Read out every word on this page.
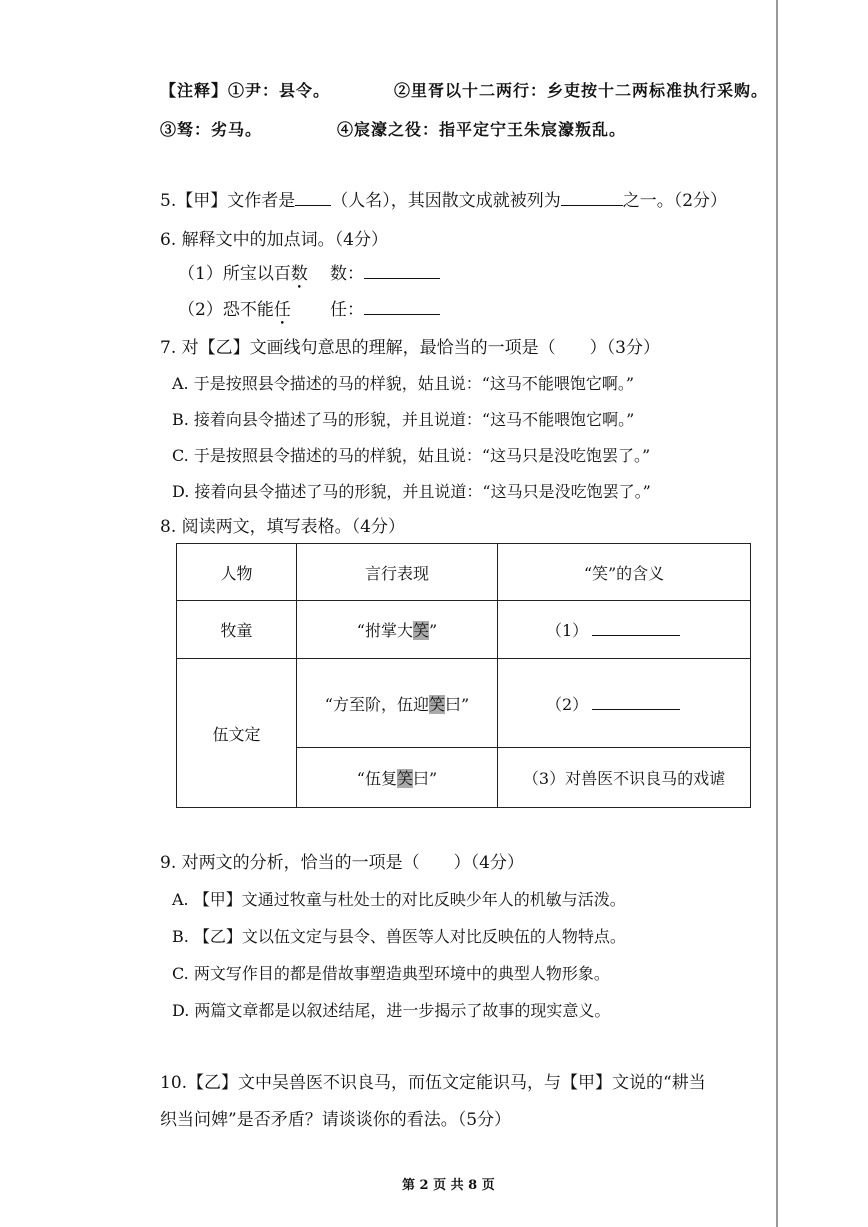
【注释】①尹：县令。	②里胥以十二两行：乡吏按十二两标准执行采购。
③驽：劣马。	④宸濠之役：指平定宁王朱宸濠叛乱。
5.【甲】文作者是 （人名），其因散文成就被列为	之一。（2分）
6. 解释文中的加点词。（4分）
（1）所宝以百数 数：
（2）恐不能任 任：
7. 对【乙】文画线句意思的理解，最恰当的一项是（　　）（3分）
A. 于是按照县令描述的马的样貌，姑且说：“这马不能喂饱它啊。”
B. 接着向县令描述了马的形貌，并且说道：“这马不能喂饱它啊。”
C. 于是按照县令描述的马的样貌，姑且说：“这马只是没吃饱罢了。”
D. 接着向县令描述了马的形貌，并且说道：“这马只是没吃饱罢了。”
8. 阅读两文，填写表格。（4分）
人物	言行表现	“笑”的含义
牧童	“拊掌大笑”	（1）
伍文定	“方至阶，伍迎笑曰”	（2）
	“伍复笑曰”	（3）对兽医不识良马的戏谑
9. 对两文的分析，恰当的一项是（　　）（4分）
A. 【甲】文通过牧童与杜处士的对比反映少年人的机敏与活泼。
B. 【乙】文以伍文定与县令、兽医等人对比反映伍的人物特点。
C. 两文写作目的都是借故事塑造典型环境中的典型人物形象。
D. 两篇文章都是以叙述结尾，进一步揭示了故事的现实意义。
10.【乙】文中吴兽医不识良马，而伍文定能识马，与【甲】文说的“耕当
织当问婢”是否矛盾？请谈谈你的看法。（5分）
第 2 页 共 8 页
